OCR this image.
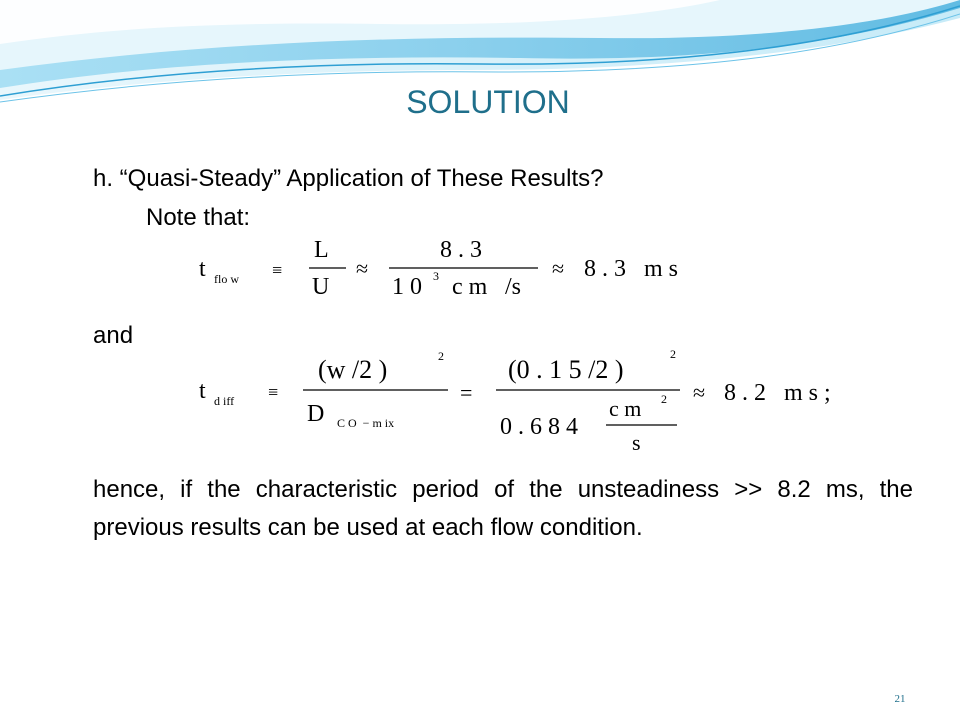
SOLUTION
h. “Quasi-Steady” Application of These Results?
Note that:
t flo w ≡
L
U
≈
8 . 3
1 0 3 c m /s
≈ 8 . 3   m s
and
t d iff ≡
(w /2 )	2
D C O  − m ix
=
(0 . 1 5 /2 )
2
0 . 6 8 4
c m 2
s
≈ 8 . 2   m s ;
hence, if the characteristic period of the unsteadiness >> 8.2 ms, the previous results can be used at each flow condition.
21
